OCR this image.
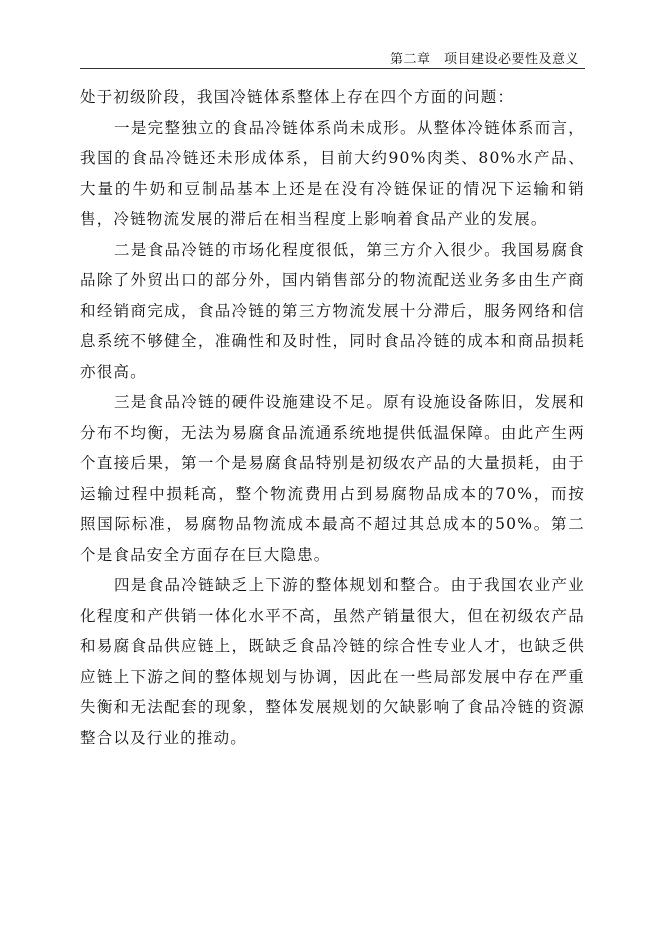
第二章　项目建设必要性及意义

处于初级阶段，我国冷链体系整体上存在四个方面的问题：

一是完整独立的食品冷链体系尚未成形。从整体冷链体系而言，我国的食品冷链还未形成体系，目前大约90%肉类、80%水产品、大量的牛奶和豆制品基本上还是在没有冷链保证的情况下运输和销售，冷链物流发展的滞后在相当程度上影响着食品产业的发展。

二是食品冷链的市场化程度很低，第三方介入很少。我国易腐食品除了外贸出口的部分外，国内销售部分的物流配送业务多由生产商和经销商完成，食品冷链的第三方物流发展十分滞后，服务网络和信息系统不够健全，准确性和及时性，同时食品冷链的成本和商品损耗亦很高。

三是食品冷链的硬件设施建设不足。原有设施设备陈旧，发展和分布不均衡，无法为易腐食品流通系统地提供低温保障。由此产生两个直接后果，第一个是易腐食品特别是初级农产品的大量损耗，由于运输过程中损耗高，整个物流费用占到易腐物品成本的70%，而按照国际标准，易腐物品物流成本最高不超过其总成本的50%。第二个是食品安全方面存在巨大隐患。

四是食品冷链缺乏上下游的整体规划和整合。由于我国农业产业化程度和产供销一体化水平不高，虽然产销量很大，但在初级农产品和易腐食品供应链上，既缺乏食品冷链的综合性专业人才，也缺乏供应链上下游之间的整体规划与协调，因此在一些局部发展中存在严重失衡和无法配套的现象，整体发展规划的欠缺影响了食品冷链的资源整合以及行业的推动。
